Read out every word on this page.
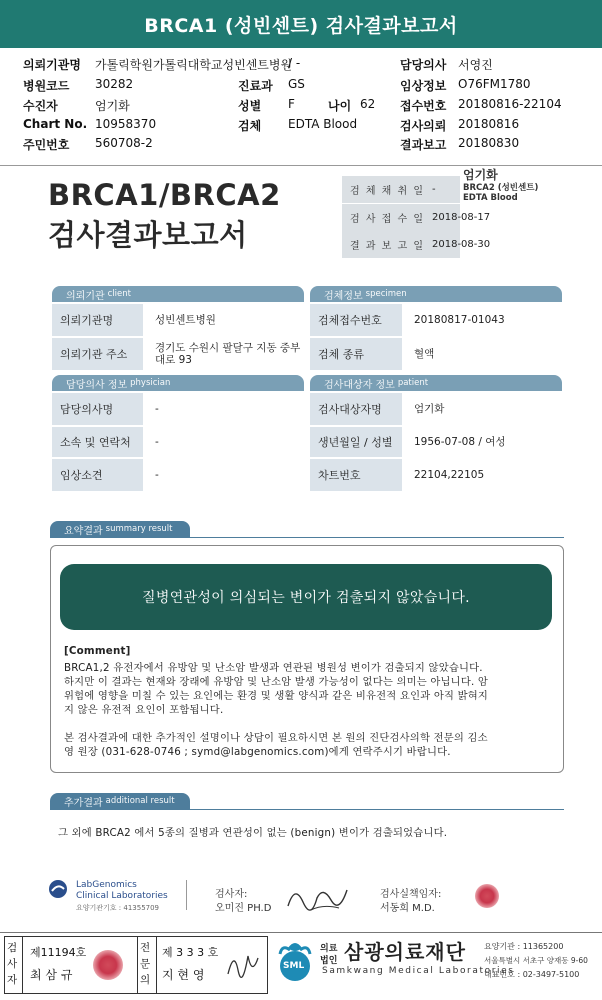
BRCA1 (성빈센트) 검사결과보고서
의뢰기관명 가톨릭학원가톨릭대학교성빈센트병원
/ -	담당의사 서영진
병원코드 30282	진료과 GS	임상정보 O76FM1780
수진자	엄기화	성별 F	나이 62 접수번호 20180816-22104
Chart No. 10958370	검체 EDTA Blood	검사의뢰 20180816
주민번호 560708-2	결과보고 20180830
BRCA1/BRCA2
검사결과보고서
검 체 채 취 일 -
검 사 접 수 일 2018-08-17
결 과 보 고 일 2018-08-30
엄기화
BRCA2 (성빈센트)
EDTA Blood
의뢰기관 client
의뢰기관명	성빈센트병원
의뢰기관 주소	경기도 수원시 팔달구 지동 중부대로 93
검체정보 specimen
검체접수번호	20180817-01043
검체 종류	혈액
담당의사 정보 physician
담당의사명	-
소속 및 연락처	-
임상소견	-
검사대상자 정보 patient
검사대상자명	엄기화
생년월일 / 성별	1956-07-08 / 여성
차트번호	22104,22105
요약결과 summary result
질병연관성이 의심되는 변이가 검출되지 않았습니다.
[Comment]
BRCA1,2 유전자에서 유방암 및 난소암 발생과 연관된 병원성 변이가 검출되지 않았습니다.
하지만 이 결과는 현재와 장래에 유방암 및 난소암 발생 가능성이 없다는 의미는 아닙니다. 암
위험에 영향을 미칠 수 있는 요인에는 환경 및 생활 양식과 같은 비유전적 요인과 아직 밝혀지
지 않은 유전적 요인이 포함됩니다.
본 검사결과에 대한 추가적인 설명이나 상담이 필요하시면 본 원의 진단검사의학 전문의 김소
영 원장 (031-628-0746 ; symd@labgenomics.com)에게 연락주시기 바랍니다.
추가결과 additional result
그 외에 BRCA2 에서 5종의 질병과 연관성이 없는 (benign) 변이가 검출되었습니다.
LabGenomics
Clinical Laboratories
요양기관기호 : 41355709
검사자:
오미진 PH.D
검사실책임자:
서동희 M.D.
검사자
제11194호
최 삼 규
전문의
제 3 3 3 호
지 현 영
SML
의료
법인 삼광의료재단
Samkwang Medical Laboratories
요양기관 : 11365200
서울특별시 서초구 양재동 9-60
대표번호 : 02-3497-5100
